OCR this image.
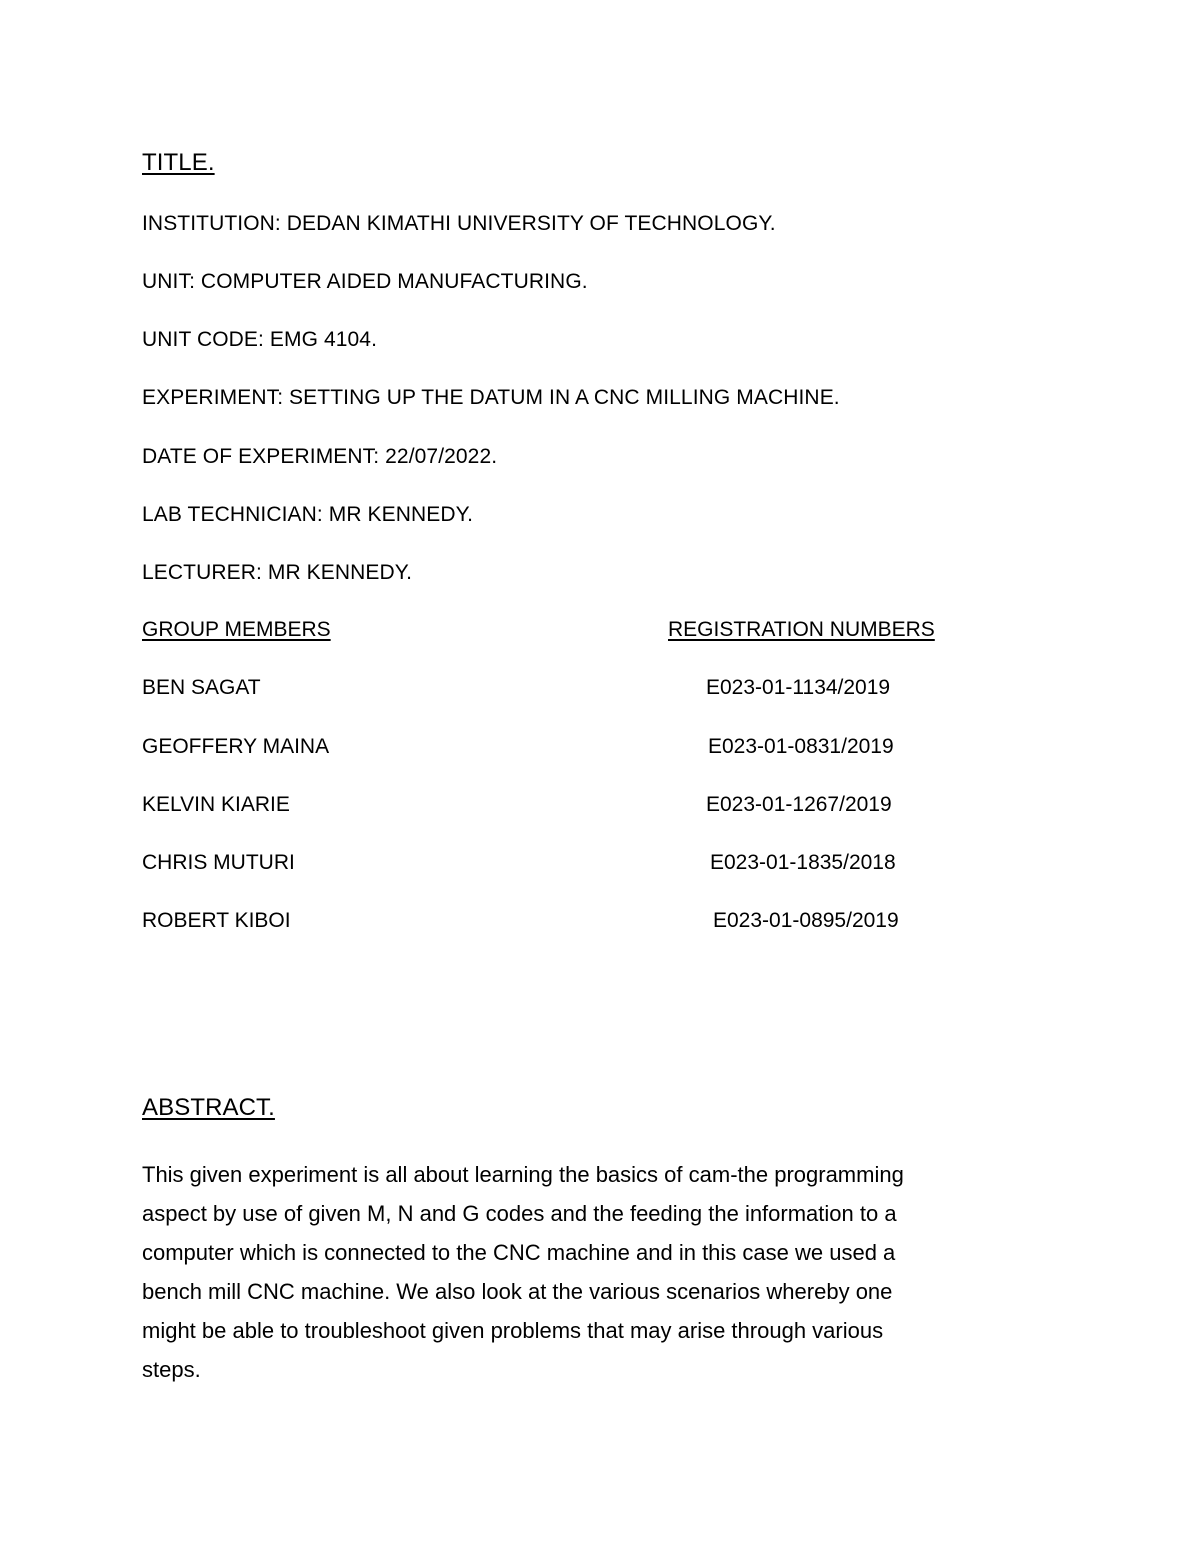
TITLE.
INSTITUTION: DEDAN KIMATHI UNIVERSITY OF TECHNOLOGY.
UNIT: COMPUTER AIDED MANUFACTURING.
UNIT CODE: EMG 4104.
EXPERIMENT: SETTING UP THE DATUM IN A CNC MILLING MACHINE.
DATE OF EXPERIMENT: 22/07/2022.
LAB TECHNICIAN: MR KENNEDY.
LECTURER: MR KENNEDY.
GROUP MEMBERS	REGISTRATION NUMBERS
BEN SAGAT	E023-01-1134/2019
GEOFFERY MAINA	E023-01-0831/2019
KELVIN KIARIE	E023-01-1267/2019
CHRIS MUTURI	E023-01-1835/2018
ROBERT KIBOI	E023-01-0895/2019
ABSTRACT.
This given experiment is all about learning the basics of cam-the programming
aspect by use of given M, N and G codes and the feeding the information to a
computer which is connected to the CNC machine and in this case we used a
bench mill CNC machine. We also look at the various scenarios whereby one
might be able to troubleshoot given problems that may arise through various
steps.
